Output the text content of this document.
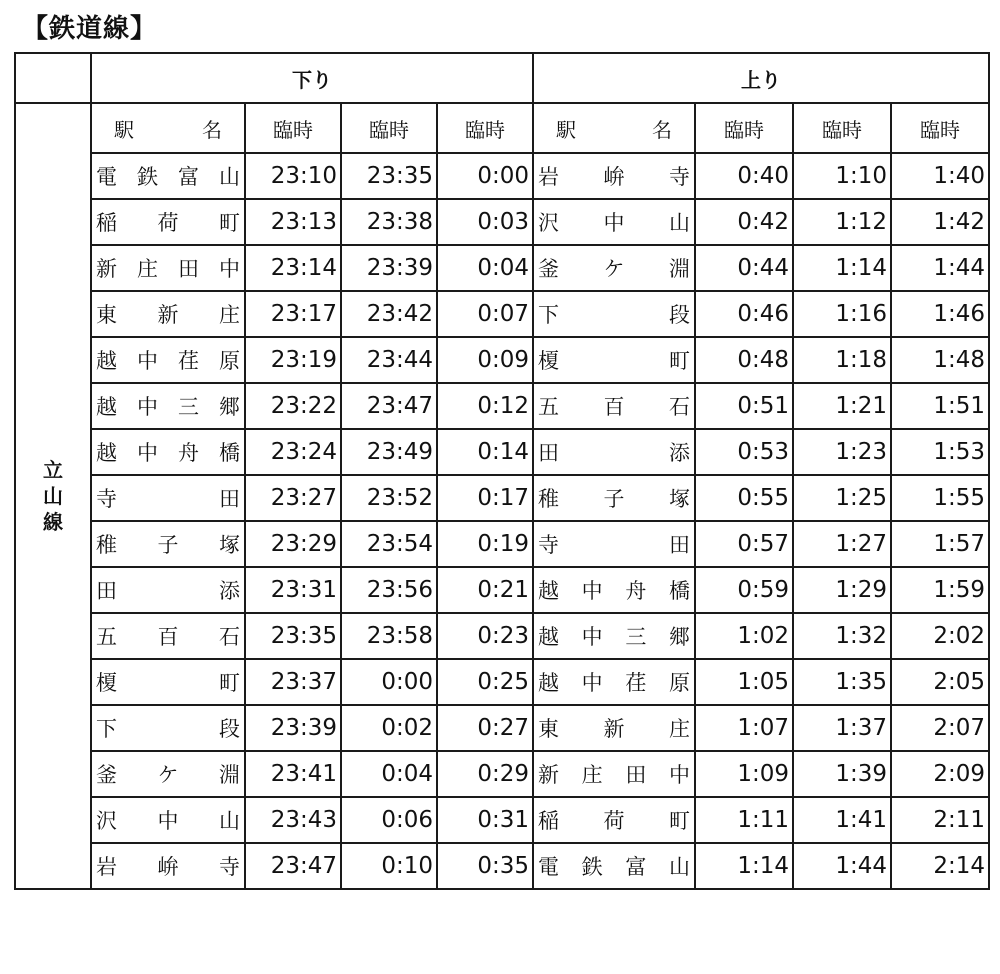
【鉄道線】
	下り				上り			

立
山
線	駅 名	臨時	臨時	臨時	駅 名	臨時	臨時	臨時

	電 鉄 富 山	23:10	23:35	0:00	岩 峅 寺	0:40	1:10	1:40

	稲 荷 町	23:13	23:38	0:03	沢 中 山	0:42	1:12	1:42

	新 庄 田 中	23:14	23:39	0:04	釜 ケ 淵	0:44	1:14	1:44

	東 新 庄	23:17	23:42	0:07	下 段	0:46	1:16	1:46

	越 中 荏 原	23:19	23:44	0:09	榎 町	0:48	1:18	1:48

	越 中 三 郷	23:22	23:47	0:12	五 百 石	0:51	1:21	1:51

	越 中 舟 橋	23:24	23:49	0:14	田 添	0:53	1:23	1:53

	寺 田	23:27	23:52	0:17	稚 子 塚	0:55	1:25	1:55

	稚 子 塚	23:29	23:54	0:19	寺 田	0:57	1:27	1:57

	田 添	23:31	23:56	0:21	越 中 舟 橋	0:59	1:29	1:59

	五 百 石	23:35	23:58	0:23	越 中 三 郷	1:02	1:32	2:02

	榎 町	23:37	0:00	0:25	越 中 荏 原	1:05	1:35	2:05

	下 段	23:39	0:02	0:27	東 新 庄	1:07	1:37	2:07

	釜 ケ 淵	23:41	0:04	0:29	新 庄 田 中	1:09	1:39	2:09

	沢 中 山	23:43	0:06	0:31	稲 荷 町	1:11	1:41	2:11

	岩 峅 寺	23:47	0:10	0:35	電 鉄 富 山	1:14	1:44	2:14
